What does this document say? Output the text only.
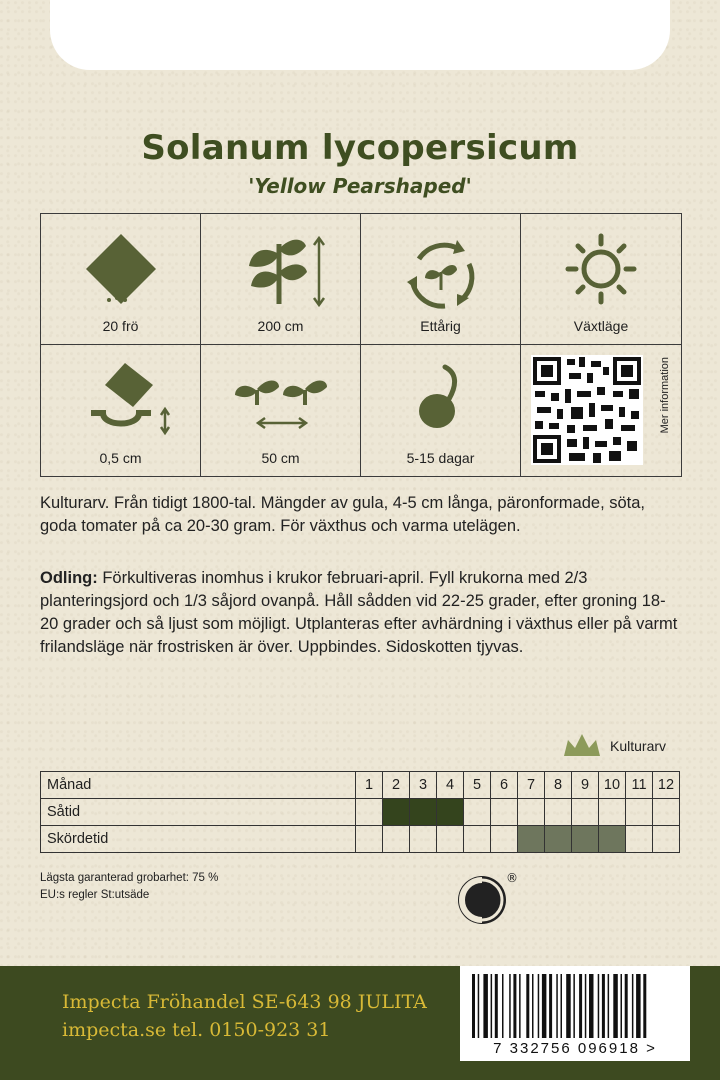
Solanum lycopersicum
'Yellow Pearshaped'
20 frö	200 cm	Ettårig	Växtläge
0,5 cm	50 cm	5-15 dagar
Mer information
Kulturarv. Från tidigt 1800-tal. Mängder av gula, 4-5 cm långa, päronformade, söta, goda tomater på ca 20-30 gram. För växthus och varma utelägen.
Odling: Förkultiveras inomhus i krukor februari-april. Fyll krukorna med 2/3 planteringsjord och 1/3 såjord ovanpå. Håll sådden vid 22-25 grader, efter groning 18-20 grader och så ljust som möjligt. Utplanteras efter avhärdning i växthus eller på varmt frilandsläge när frostrisken är över. Uppbindes. Sidoskotten tjyvas.
Kulturarv
Månad	1	2	3	4	5	6	7	8	9	10	11	12
Såtid												
Skördetid												
Lägsta garanterad grobarhet: 75 %
EU:s regler St:utsäde
®
Impecta Fröhandel SE-643 98 JULITA
impecta.se tel. 0150-923 31
7 332756 096918 >
